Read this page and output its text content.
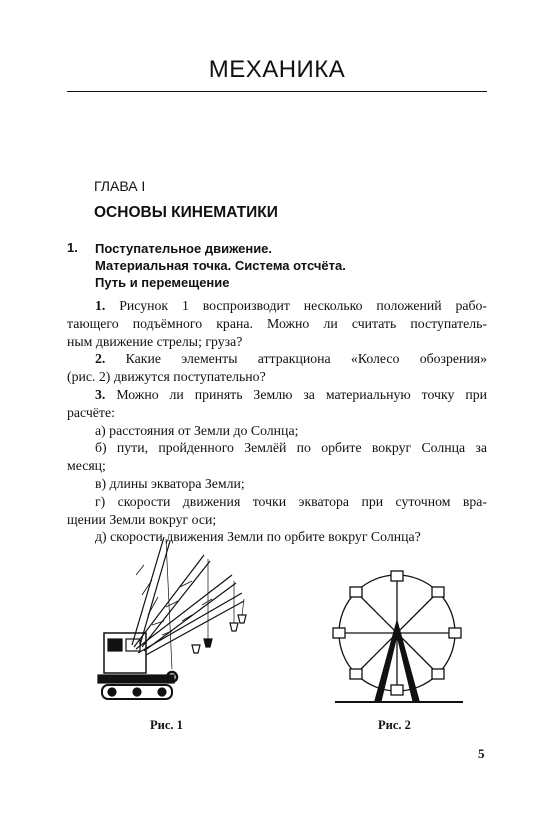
МЕХАНИКА
ГЛАВА I
ОСНОВЫ КИНЕМАТИКИ
1. Поступательное движение.
Материальная точка. Система отсчёта.
Путь и перемещение
1. Рисунок 1 воспроизводит несколько положений рабо-
тающего подъёмного крана. Можно ли считать поступатель-
ным движение стрелы; груза?
2. Какие элементы аттракциона «Колесо обозрения»
(рис. 2) движутся поступательно?
3. Можно ли принять Землю за материальную точку при
расчёте:
а) расстояния от Земли до Солнца;
б) пути, пройденного Землёй по орбите вокруг Солнца за
месяц;
в) длины экватора Земли;
г) скорости движения точки экватора при суточном вра-
щении Земли вокруг оси;
д) скорости движения Земли по орбите вокруг Солнца?
Рис. 1	Рис. 2
5
